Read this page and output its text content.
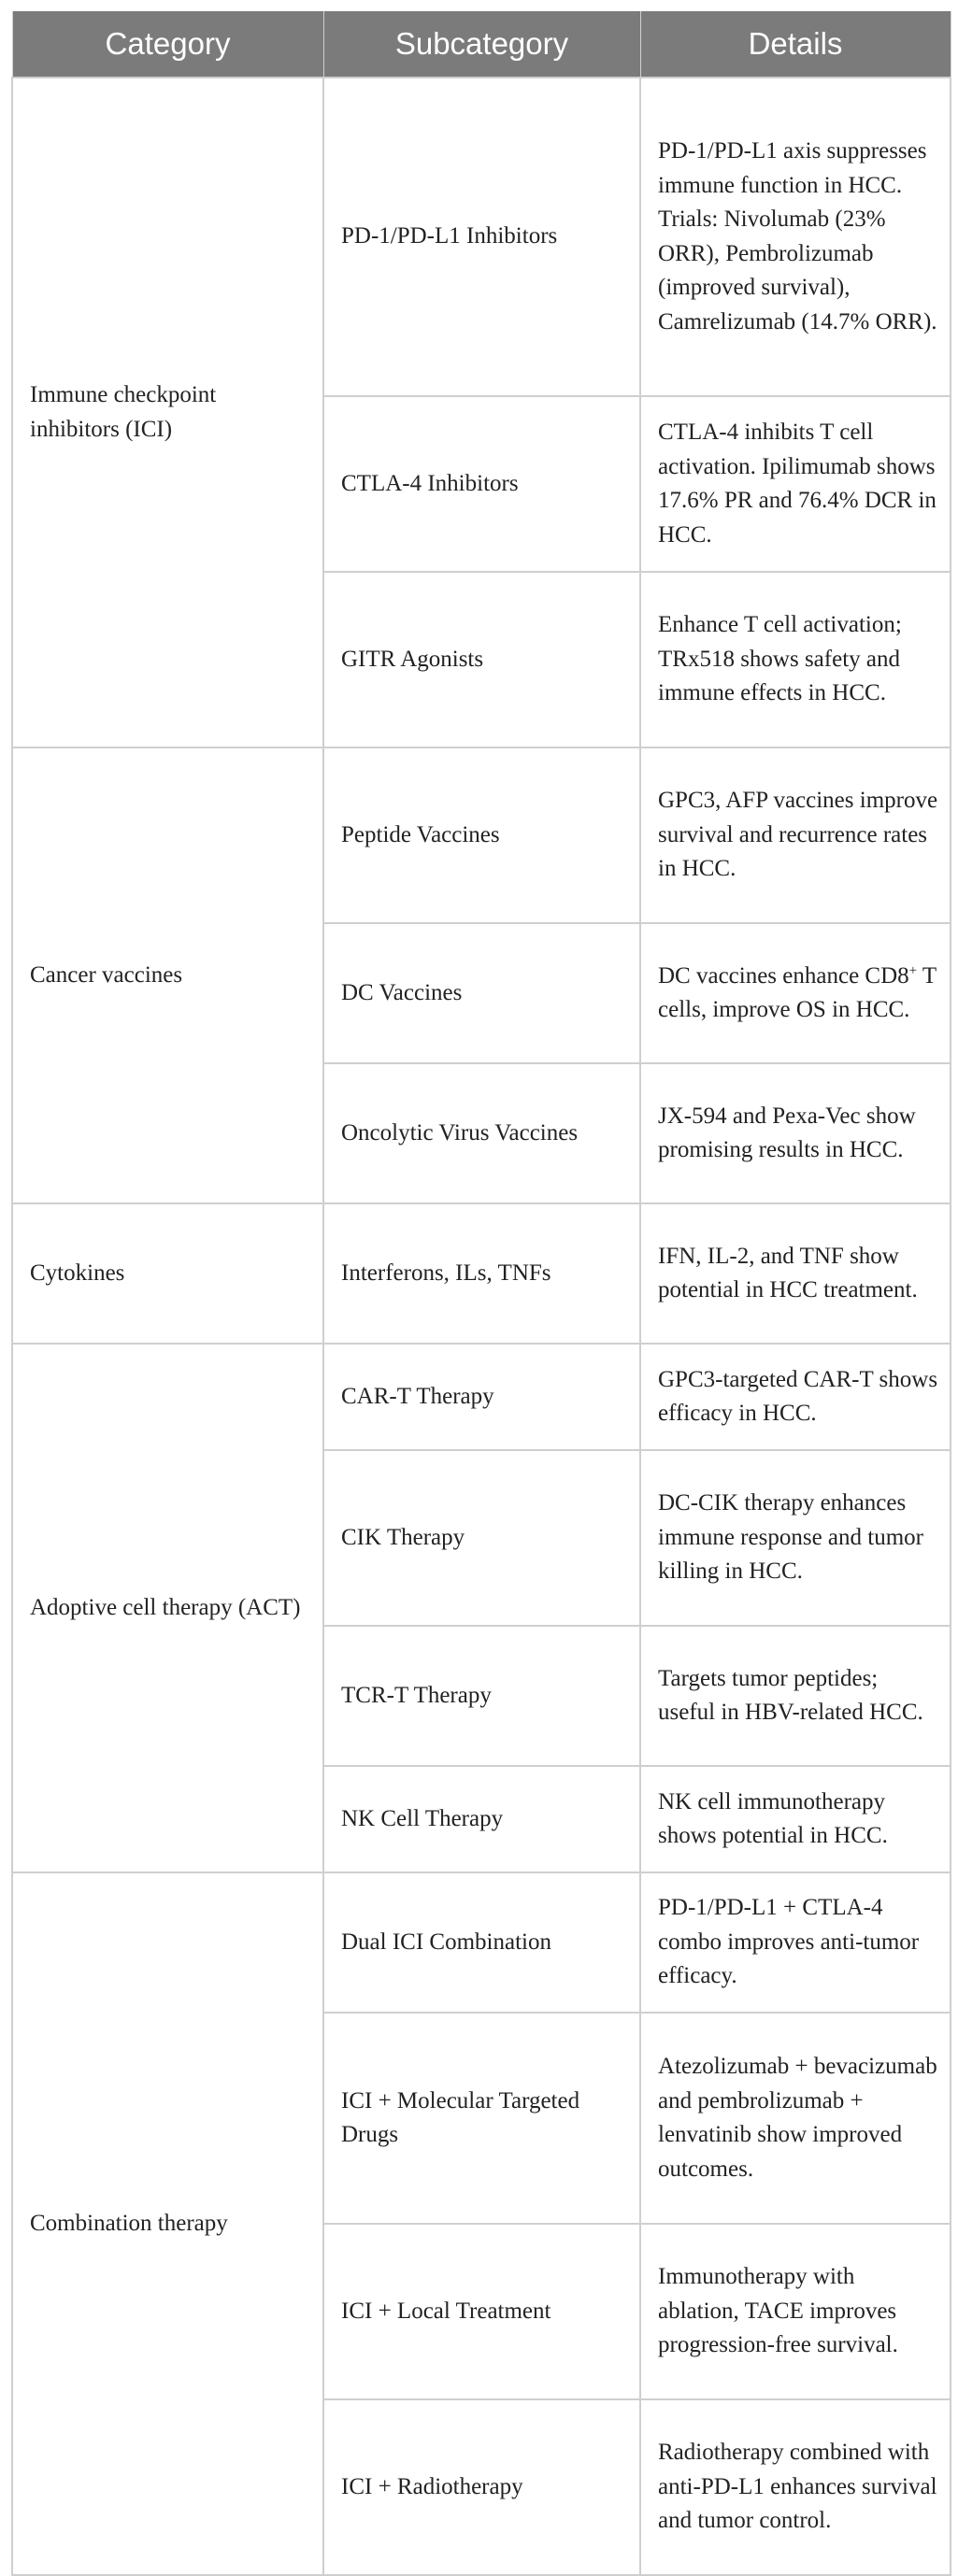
Category	Subcategory	Details
Immune checkpoint inhibitors (ICI)	PD-1/PD-L1 Inhibitors	PD-1/PD-L1 axis suppresses immune function in HCC. Trials: Nivolumab (23% ORR), Pembrolizumab (improved survival), Camrelizumab (14.7% ORR).
	CTLA-4 Inhibitors	CTLA-4 inhibits T cell activation. Ipilimumab shows 17.6% PR and 76.4% DCR in HCC.
	GITR Agonists	Enhance T cell activation; TRx518 shows safety and immune effects in HCC.
Cancer vaccines	Peptide Vaccines	GPC3, AFP vaccines improve survival and recurrence rates in HCC.
	DC Vaccines	DC vaccines enhance CD8+ T cells, improve OS in HCC.
	Oncolytic Virus Vaccines	JX-594 and Pexa-Vec show promising results in HCC.
Cytokines	Interferons, ILs, TNFs	IFN, IL-2, and TNF show potential in HCC treatment.
Adoptive cell therapy (ACT)	CAR-T Therapy	GPC3-targeted CAR-T shows efficacy in HCC.
	CIK Therapy	DC-CIK therapy enhances immune response and tumor killing in HCC.
	TCR-T Therapy	Targets tumor peptides; useful in HBV-related HCC.
	NK Cell Therapy	NK cell immunotherapy shows potential in HCC.
Combination therapy	Dual ICI Combination	PD-1/PD-L1 + CTLA-4 combo improves anti-tumor efficacy.
	ICI + Molecular Targeted Drugs	Atezolizumab + bevacizumab and pembrolizumab + lenvatinib show improved outcomes.
	ICI + Local Treatment	Immunotherapy with ablation, TACE improves progression-free survival.
	ICI + Radiotherapy	Radiotherapy combined with anti-PD-L1 enhances survival and tumor control.
